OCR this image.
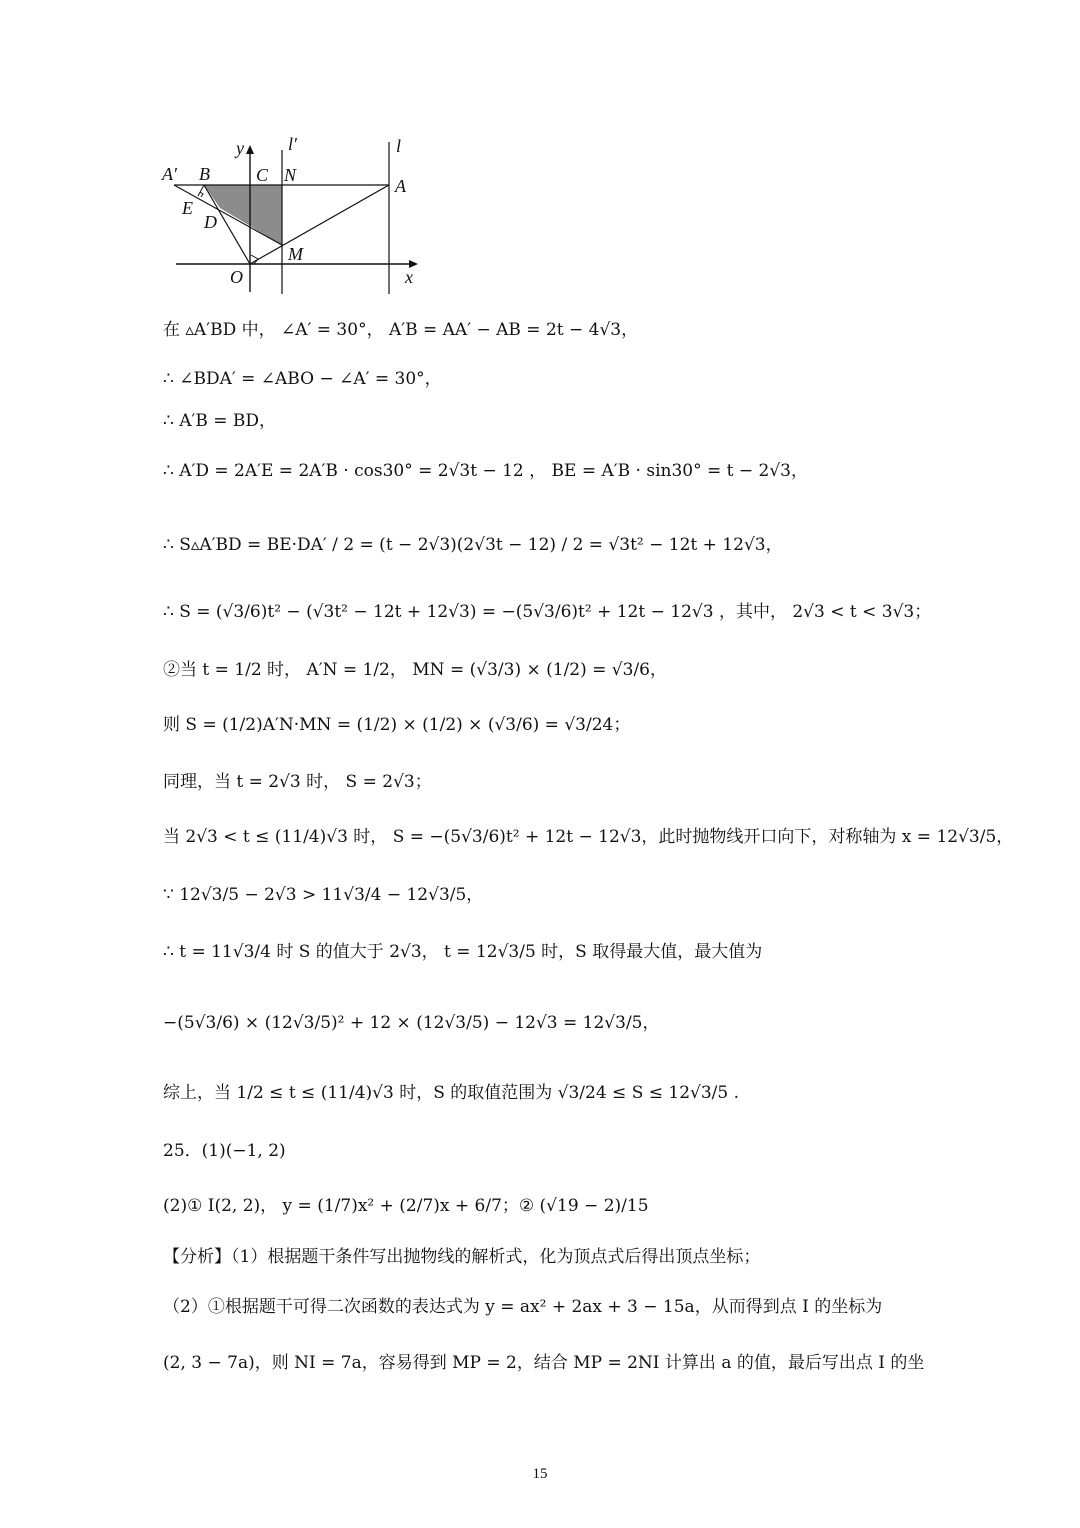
y l′	l
A′ B	C N
A
E
D
M
O	x
在 ▵A′BD 中， ∠A′ = 30°， A′B = AA′ − AB = 2t − 4√3，
∴ ∠BDA′ = ∠ABO − ∠A′ = 30°，
∴ A′B = BD，
∴ A′D = 2A′E = 2A′B · cos30° = 2√3t − 12 ， BE = A′B · sin30° = t − 2√3，
∴ S▵A′BD = BE·DA′ / 2 = (t − 2√3)(2√3t − 12) / 2 = √3t² − 12t + 12√3，
∴ S = (√3/6)t² − (√3t² − 12t + 12√3) = −(5√3/6)t² + 12t − 12√3 ，其中， 2√3 < t < 3√3；
②当 t = 1/2 时， A′N = 1/2， MN = (√3/3) × (1/2) = √3/6，
则 S = (1/2)A′N·MN = (1/2) × (1/2) × (√3/6) = √3/24；
同理，当 t = 2√3 时， S = 2√3；
当 2√3 < t ≤ (11/4)√3 时， S = −(5√3/6)t² + 12t − 12√3，此时抛物线开口向下，对称轴为 x = 12√3/5，
∵ 12√3/5 − 2√3 > 11√3/4 − 12√3/5，
∴ t = 11√3/4 时 S 的值大于 2√3， t = 12√3/5 时，S 取得最大值，最大值为
−(5√3/6) × (12√3/5)² + 12 × (12√3/5) − 12√3 = 12√3/5，
综上，当 1/2 ≤ t ≤ (11/4)√3 时，S 的取值范围为 √3/24 ≤ S ≤ 12√3/5 .
25．(1)(−1, 2)
(2)① I(2, 2)， y = (1/7)x² + (2/7)x + 6/7；② (√19 − 2)/15
【分析】（1）根据题干条件写出抛物线的解析式，化为顶点式后得出顶点坐标；
（2）①根据题干可得二次函数的表达式为 y = ax² + 2ax + 3 − 15a，从而得到点 I 的坐标为
(2, 3 − 7a)，则 NI = 7a，容易得到 MP = 2，结合 MP = 2NI 计算出 a 的值，最后写出点 I 的坐
15
